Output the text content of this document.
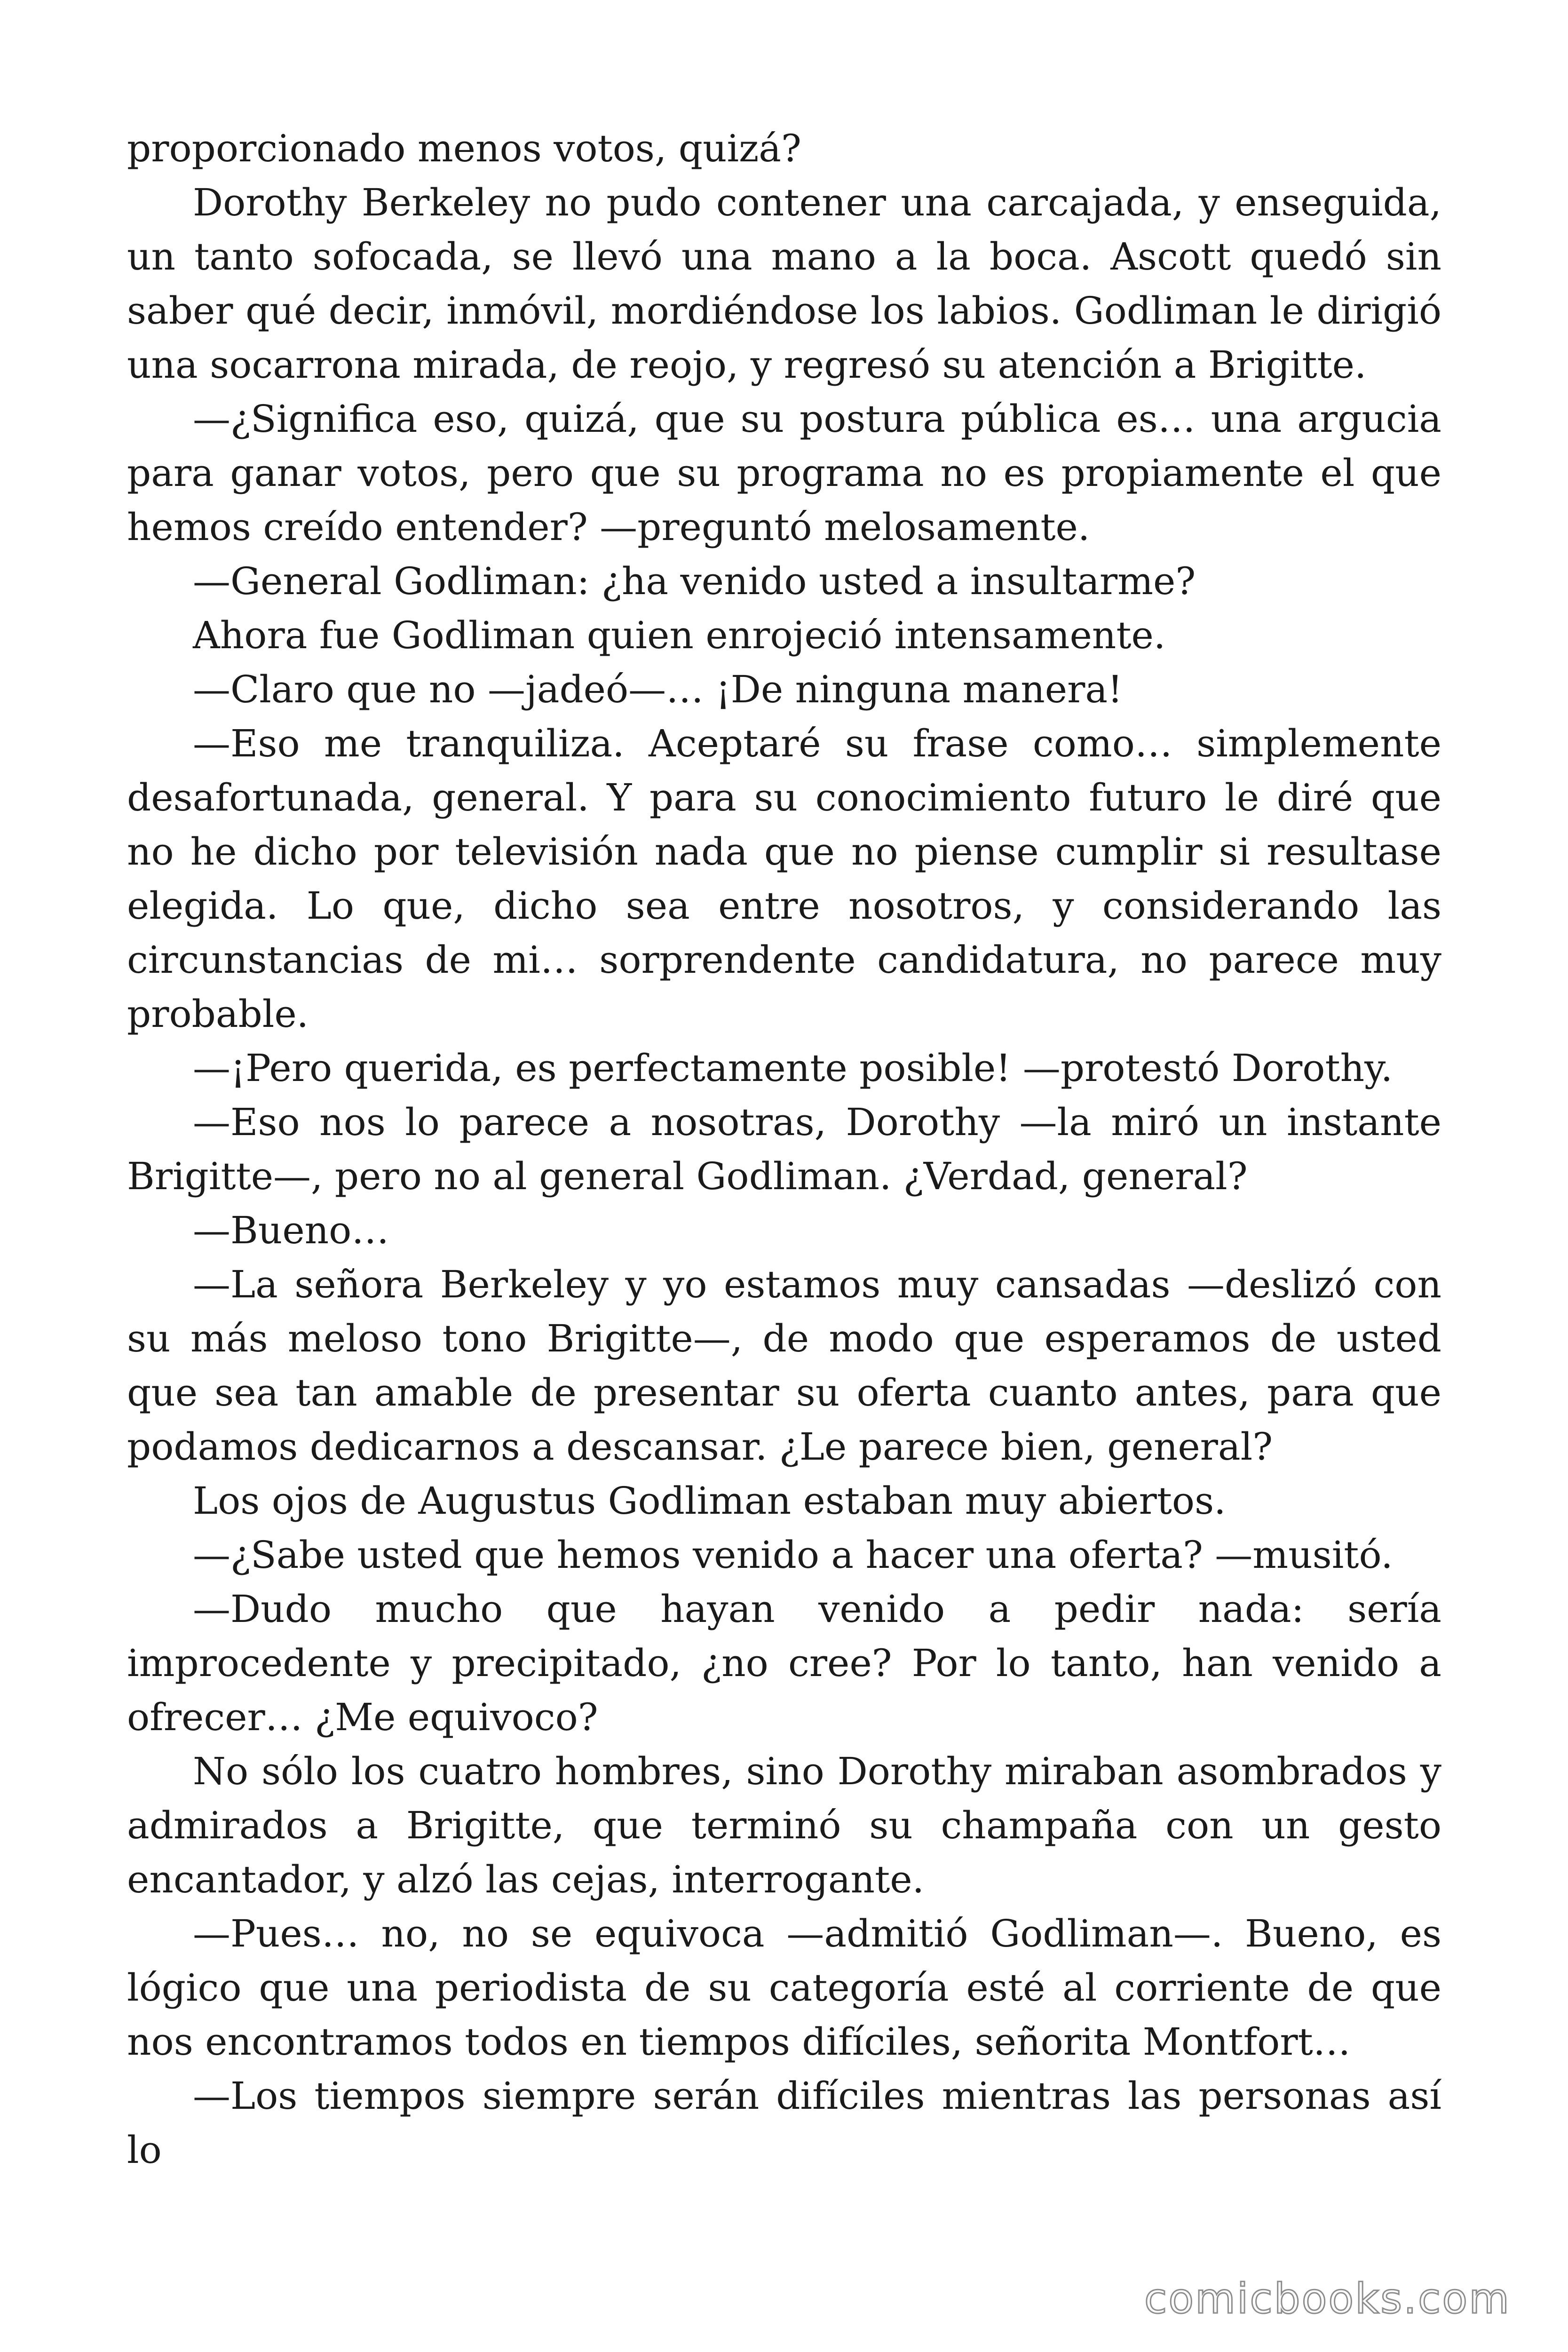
proporcionado menos votos, quizá?

Dorothy Berkeley no pudo contener una carcajada, y enseguida, un tanto sofocada, se llevó una mano a la boca. Ascott quedó sin saber qué decir, inmóvil, mordiéndose los labios. Godliman le dirigió una socarrona mirada, de reojo, y regresó su atención a Brigitte.

—¿Significa eso, quizá, que su postura pública es… una argucia para ganar votos, pero que su programa no es propiamente el que hemos creído entender? —preguntó melosamente.

—General Godliman: ¿ha venido usted a insultarme?

Ahora fue Godliman quien enrojeció intensamente.

—Claro que no —jadeó—… ¡De ninguna manera!

—Eso me tranquiliza. Aceptaré su frase como… simplemente desafortunada, general. Y para su conocimiento futuro le diré que no he dicho por televisión nada que no piense cumplir si resultase elegida. Lo que, dicho sea entre nosotros, y considerando las circunstancias de mi… sorprendente candidatura, no parece muy probable.

—¡Pero querida, es perfectamente posible! —protestó Dorothy.

—Eso nos lo parece a nosotras, Dorothy —la miró un instante Brigitte—, pero no al general Godliman. ¿Verdad, general?

—Bueno…

—La señora Berkeley y yo estamos muy cansadas —deslizó con su más meloso tono Brigitte—, de modo que esperamos de usted que sea tan amable de presentar su oferta cuanto antes, para que podamos dedicarnos a descansar. ¿Le parece bien, general?

Los ojos de Augustus Godliman estaban muy abiertos.

—¿Sabe usted que hemos venido a hacer una oferta? —musitó.

—Dudo mucho que hayan venido a pedir nada: sería improcedente y precipitado, ¿no cree? Por lo tanto, han venido a ofrecer… ¿Me equivoco?

No sólo los cuatro hombres, sino Dorothy miraban asombrados y admirados a Brigitte, que terminó su champaña con un gesto encantador, y alzó las cejas, interrogante.

—Pues… no, no se equivoca —admitió Godliman—. Bueno, es lógico que una periodista de su categoría esté al corriente de que nos encontramos todos en tiempos difíciles, señorita Montfort…

—Los tiempos siempre serán difíciles mientras las personas así lo

comicbooks.com
